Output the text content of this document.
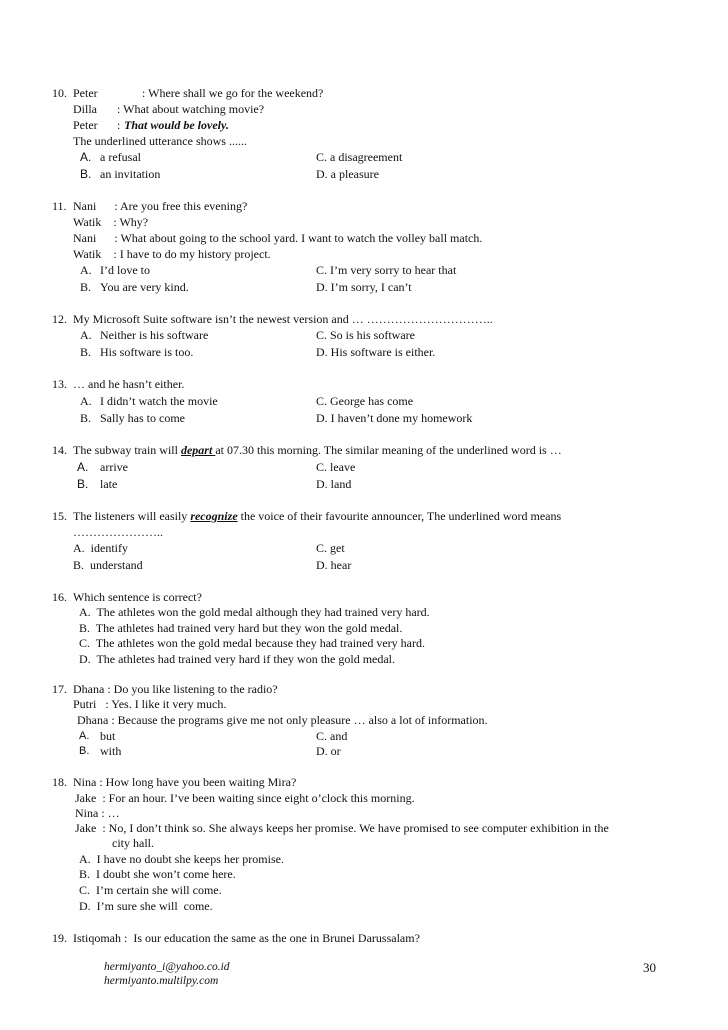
10. Peter	: Where shall we go for the weekend?
Dilla : What about watching movie?
Peter : That would be lovely.
The underlined utterance shows ......
A. a refusal	C. a disagreement
B. an invitation	D. a pleasure
11. Nani      : Are you free this evening?
Watik    : Why?
Nani      : What about going to the school yard. I want to watch the volley ball match.
Watik    : I have to do my history project.
A. I’d love to	C. I’m very sorry to hear that
B. You are very kind.	D. I’m sorry, I can’t
12. My Microsoft Suite software isn’t the newest version and … …………………………..
A. Neither is his software	C. So is his software
B. His software is too.	D. His software is either.
13. … and he hasn’t either.
A. I didn’t watch the movie	C. George has come
B. Sally has to come	D. I haven’t done my homework
14. The subway train will depart at 07.30 this morning. The similar meaning of the underlined word is …
A. arrive	C. leave
B. late	D. land
15. The listeners will easily recognize the voice of their favourite announcer, The underlined word means
…………………..
A.  identify	C. get
B.  understand	D. hear
16. Which sentence is correct?
A.  The athletes won the gold medal although they had trained very hard.
B.  The athletes had trained very hard but they won the gold medal.
C.  The athletes won the gold medal because they had trained very hard.
D.  The athletes had trained very hard if they won the gold medal.
17. Dhana : Do you like listening to the radio?
Putri   : Yes. I like it very much.
Dhana : Because the programs give me not only pleasure … also a lot of information.
A. but	C. and
B. with	D. or
18. Nina : How long have you been waiting Mira?
Jake  : For an hour. I’ve been waiting since eight o’clock this morning.
Nina : …
Jake  : No, I don’t think so. She always keeps her promise. We have promised to see computer exhibition in the
city hall.
A.  I have no doubt she keeps her promise.
B.  I doubt she won’t come here.
C.  I’m certain she will come.
D.  I’m sure she will  come.
19. Istiqomah :  Is our education the same as the one in Brunei Darussalam?
hermiyanto_i@yahoo.co.id
hermiyanto.multilpy.com
30
